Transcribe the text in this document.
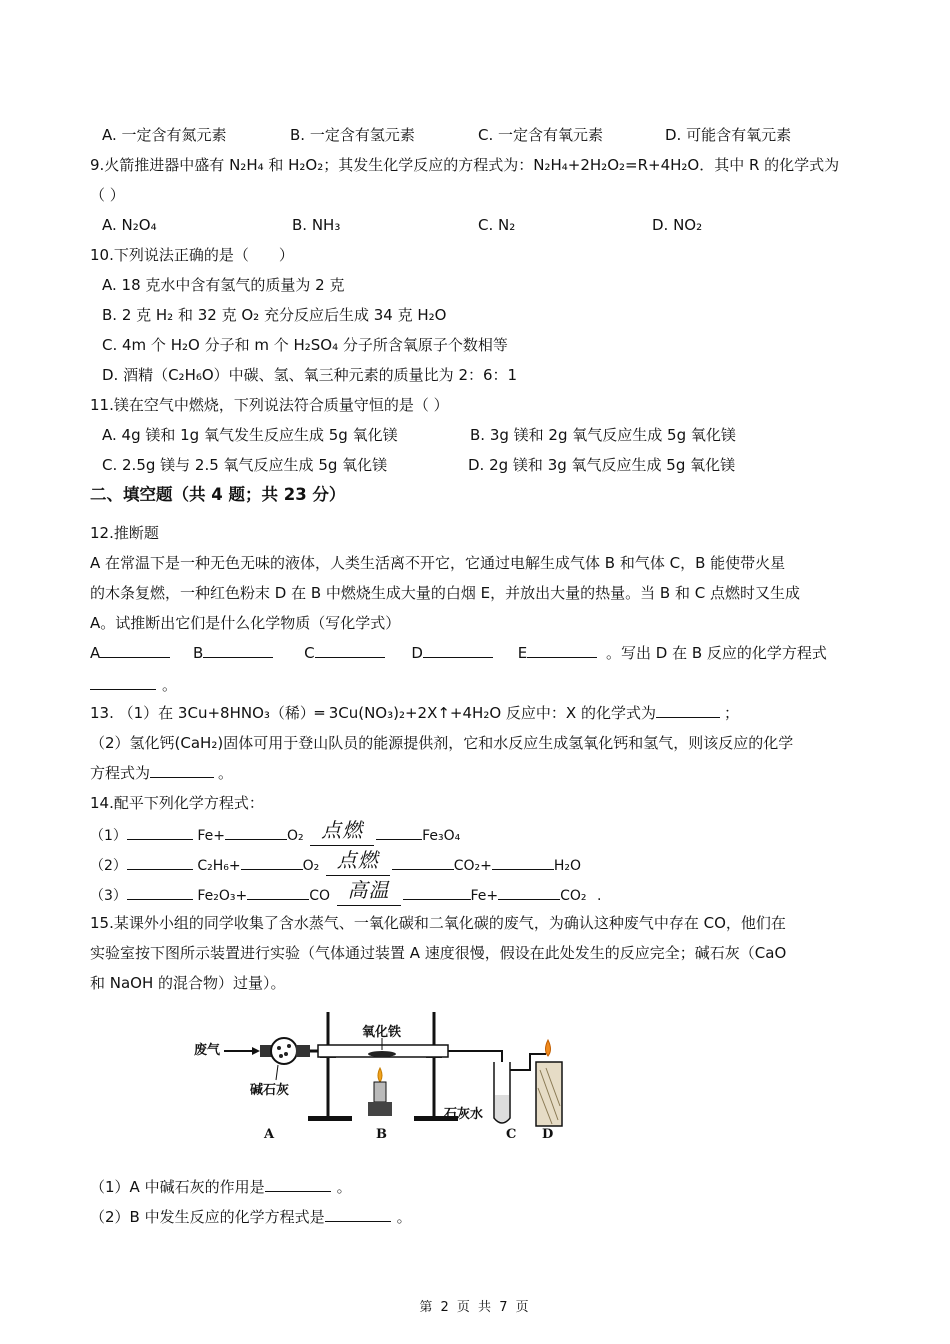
A. 一定含有氮元素	B. 一定含有氢元素	C. 一定含有氧元素	D. 可能含有氧元素
9.火箭推进器中盛有 N₂H₄ 和 H₂O₂；其发生化学反应的方程式为：N₂H₄+2H₂O₂=R+4H₂O．其中 R 的化学式为
（ ）
A. N₂O₄	B. NH₃	C. N₂	D. NO₂
10.下列说法正确的是（　　）
A. 18 克水中含有氢气的质量为 2 克
B. 2 克 H₂ 和 32 克 O₂ 充分反应后生成 34 克 H₂O
C. 4m 个 H₂O 分子和 m 个 H₂SO₄ 分子所含氧原子个数相等
D. 酒精（C₂H₆O）中碳、氢、氧三种元素的质量比为 2：6：1
11.镁在空气中燃烧，下列说法符合质量守恒的是（ ）
A. 4g 镁和 1g 氧气发生反应生成 5g 氧化镁	B. 3g 镁和 2g 氧气反应生成 5g 氧化镁
C. 2.5g 镁与 2.5 氧气反应生成 5g 氧化镁	D. 2g 镁和 3g 氧气反应生成 5g 氧化镁
二、填空题（共 4 题；共 23 分）
12.推断题
A 在常温下是一种无色无味的液体，人类生活离不开它，它通过电解生成气体 B 和气体 C，B 能使带火星
的木条复燃，一种红色粉末 D 在 B 中燃烧生成大量的白烟 E，并放出大量的热量。当 B 和 C 点燃时又生成
A。试推断出它们是什么化学物质（写化学式）
A	B	C	D	E	。写出 D 在 B 反应的化学方程式
。
13. （1）在 3Cu+8HNO₃（稀）═ 3Cu(NO₃)₂+2X↑+4H₂O 反应中：X 的化学式为	；
（2）氢化钙(CaH₂)固体可用于登山队员的能源提供剂，它和水反应生成氢氧化钙和氢气，则该反应的化学
方程式为	。
14.配平下列化学方程式：
（1）	Fe+	O₂ 点燃	Fe₃O₄
（2）	C₂H₆+	O₂ 点燃	CO₂+	H₂O
（3）	Fe₂O₃+	CO 高温	Fe+	CO₂ .
15.某课外小组的同学收集了含水蒸气、一氧化碳和二氧化碳的废气，为确认这种废气中存在 CO，他们在
实验室按下图所示装置进行实验（气体通过装置 A 速度很慢，假设在此处发生的反应完全；碱石灰（CaO
和 NaOH 的混合物）过量）。
废气
碱石灰
A
氧化铁
B
石灰水
C D
（1）A 中碱石灰的作用是	。
（2）B 中发生反应的化学方程式是	。
第 2 页 共 7 页
